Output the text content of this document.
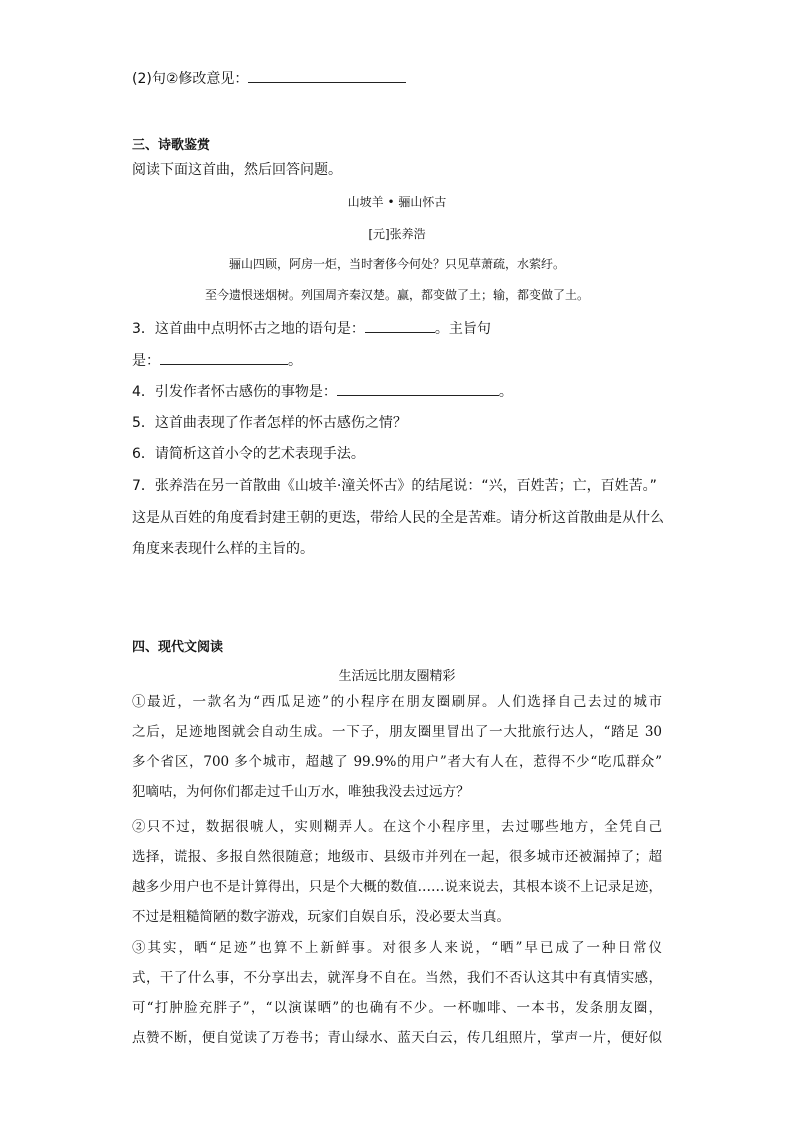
(2)句②修改意见：
三、诗歌鉴赏
阅读下面这首曲，然后回答问题。
山坡羊 • 骊山怀古
[元]张养浩
骊山四顾，阿房一炬，当时奢侈今何处？只见草萧疏，水萦纡。
至今遗恨迷烟树。列国周齐秦汉楚。赢，都变做了土；输，都变做了土。
3．这首曲中点明怀古之地的语句是：	。主旨句
是：	。
4．引发作者怀古感伤的事物是：	。
5．这首曲表现了作者怎样的怀古感伤之情？
6．请简析这首小令的艺术表现手法。
7．张养浩在另一首散曲《山坡羊·潼关怀古》的结尾说：“兴，百姓苦；亡，百姓苦。”
这是从百姓的角度看封建王朝的更迭，带给人民的全是苦难。请分析这首散曲是从什么
角度来表现什么样的主旨的。
四、现代文阅读
生活远比朋友圈精彩
①最近，一款名为“西瓜足迹”的小程序在朋友圈刷屏。人们选择自己去过的城市
之后，足迹地图就会自动生成。一下子，朋友圈里冒出了一大批旅行达人，“踏足 30
多个省区，700 多个城市，超越了 99.9%的用户”者大有人在，惹得不少“吃瓜群众”
犯嘀咕，为何你们都走过千山万水，唯独我没去过远方？
②只不过，数据很唬人，实则糊弄人。在这个小程序里，去过哪些地方，全凭自己
选择，谎报、多报自然很随意；地级市、县级市并列在一起，很多城市还被漏掉了；超
越多少用户也不是计算得出，只是个大概的数值……说来说去，其根本谈不上记录足迹，
不过是粗糙简陋的数字游戏，玩家们自娱自乐，没必要太当真。
③其实，晒“足迹”也算不上新鲜事。对很多人来说，“晒”早已成了一种日常仪
式，干了什么事，不分享出去，就浑身不自在。当然，我们不否认这其中有真情实感，
可“打肿脸充胖子”，“以演谋晒”的也确有不少。一杯咖啡、一本书，发条朋友圈，
点赞不断，便自觉读了万卷书；青山绿水、蓝天白云，传几组照片，掌声一片，便好似
